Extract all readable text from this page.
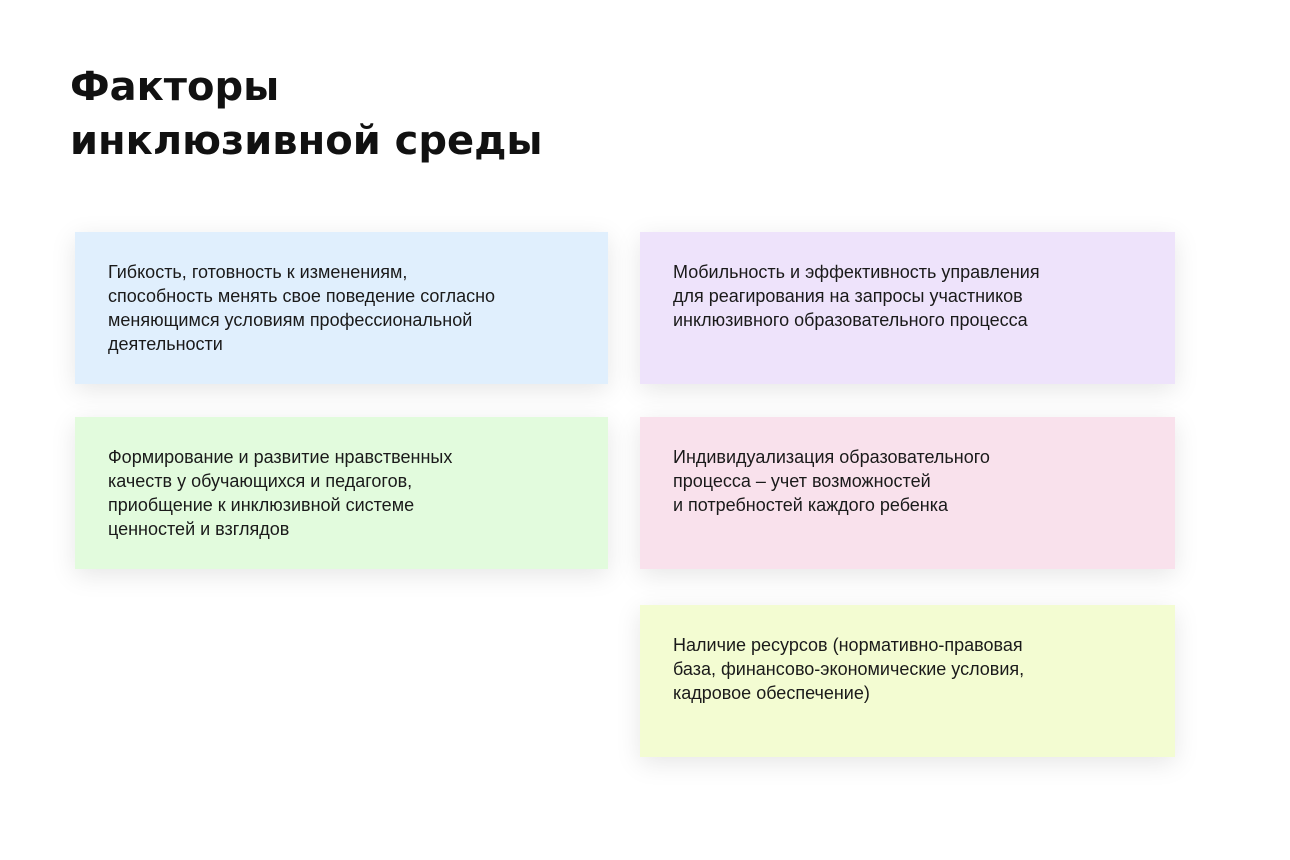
Факторы
инклюзивной среды
Гибкость, готовность к изменениям,
способность менять свое поведение согласно
меняющимся условиям профессиональной
деятельности
Мобильность и эффективность управления
для реагирования на запросы участников
инклюзивного образовательного процесса
Формирование и развитие нравственных
качеств у обучающихся и педагогов,
приобщение к инклюзивной системе
ценностей и взглядов
Индивидуализация образовательного
процесса – учет возможностей
и потребностей каждого ребенка
Наличие ресурсов (нормативно-правовая
база, финансово-экономические условия,
кадровое обеспечение)
